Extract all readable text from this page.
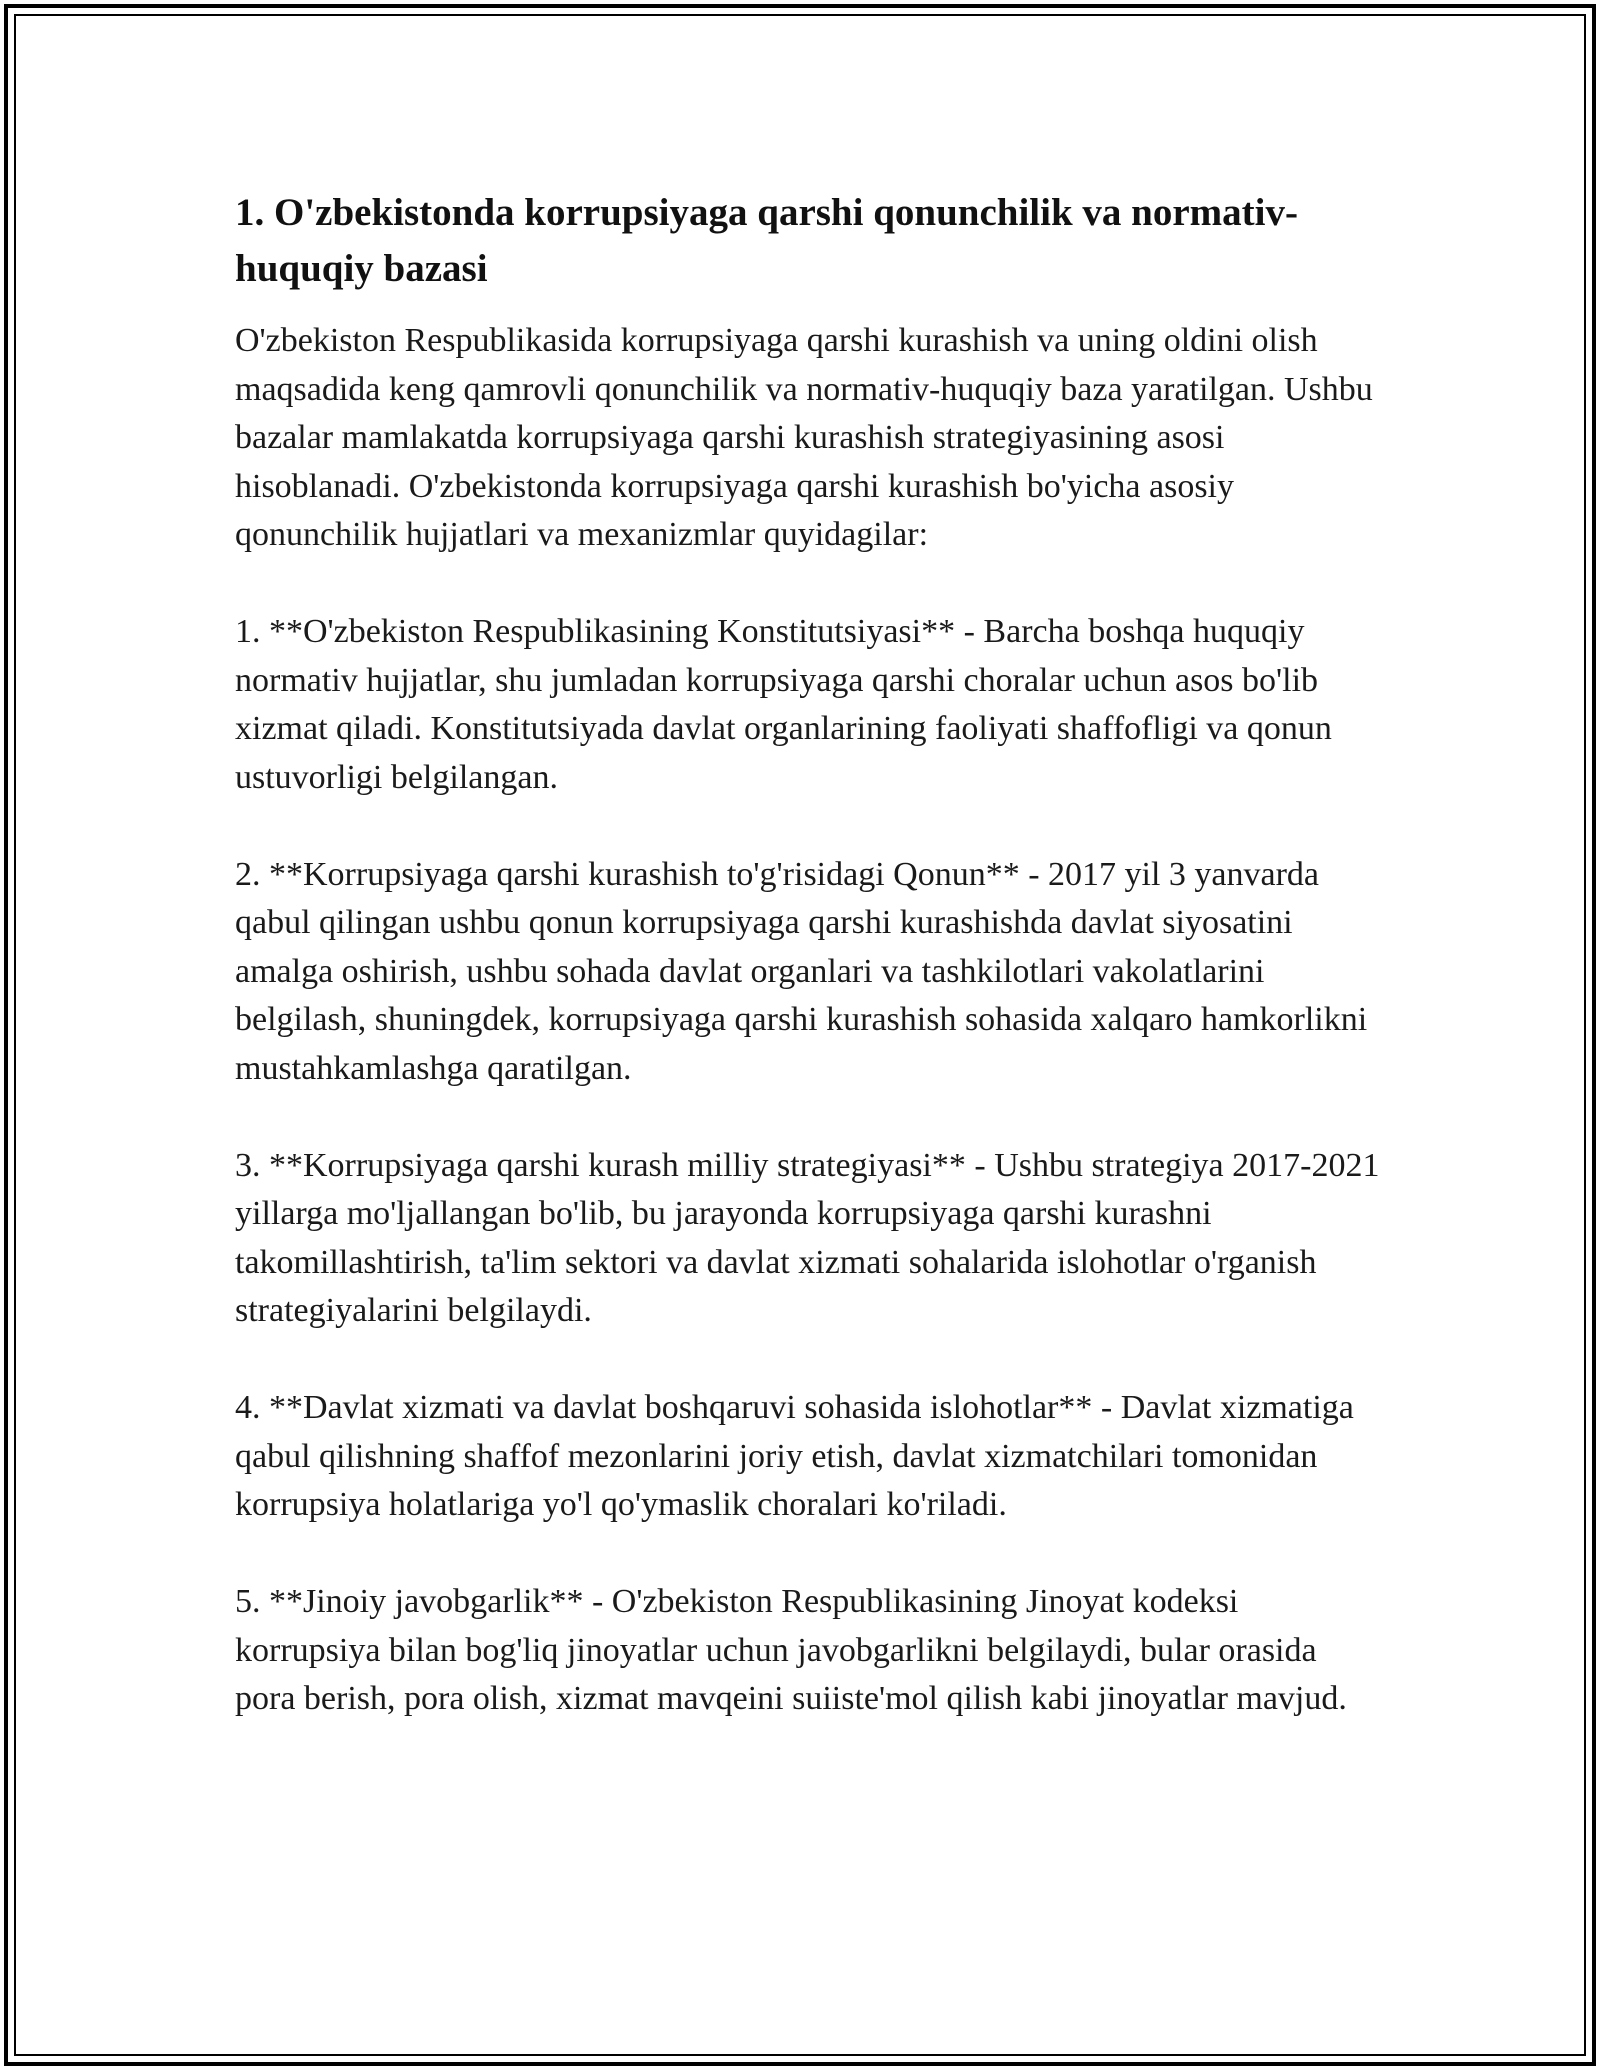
1. O'zbekistonda korrupsiyaga qarshi qonunchilik va normativ-huquqiy bazasi

O'zbekiston Respublikasida korrupsiyaga qarshi kurashish va uning oldini olish maqsadida keng qamrovli qonunchilik va normativ-huquqiy baza yaratilgan. Ushbu bazalar mamlakatda korrupsiyaga qarshi kurashish strategiyasining asosi hisoblanadi. O'zbekistonda korrupsiyaga qarshi kurashish bo'yicha asosiy qonunchilik hujjatlari va mexanizmlar quyidagilar:

1. **O'zbekiston Respublikasining Konstitutsiyasi** - Barcha boshqa huquqiy normativ hujjatlar, shu jumladan korrupsiyaga qarshi choralar uchun asos bo'lib xizmat qiladi. Konstitutsiyada davlat organlarining faoliyati shaffofligi va qonun ustuvorligi belgilangan.

2. **Korrupsiyaga qarshi kurashish to'g'risidagi Qonun** - 2017 yil 3 yanvarda qabul qilingan ushbu qonun korrupsiyaga qarshi kurashishda davlat siyosatini amalga oshirish, ushbu sohada davlat organlari va tashkilotlari vakolatlarini belgilash, shuningdek, korrupsiyaga qarshi kurashish sohasida xalqaro hamkorlikni mustahkamlashga qaratilgan.

3. **Korrupsiyaga qarshi kurash milliy strategiyasi** - Ushbu strategiya 2017-2021 yillarga mo'ljallangan bo'lib, bu jarayonda korrupsiyaga qarshi kurashni takomillashtirish, ta'lim sektori va davlat xizmati sohalarida islohotlar o'rganish strategiyalarini belgilaydi.

4. **Davlat xizmati va davlat boshqaruvi sohasida islohotlar** - Davlat xizmatiga qabul qilishning shaffof mezonlarini joriy etish, davlat xizmatchilari tomonidan korrupsiya holatlariga yo'l qo'ymaslik choralari ko'riladi.

5. **Jinoiy javobgarlik** - O'zbekiston Respublikasining Jinoyat kodeksi korrupsiya bilan bog'liq jinoyatlar uchun javobgarlikni belgilaydi, bular orasida pora berish, pora olish, xizmat mavqeini suiiste'mol qilish kabi jinoyatlar mavjud.
